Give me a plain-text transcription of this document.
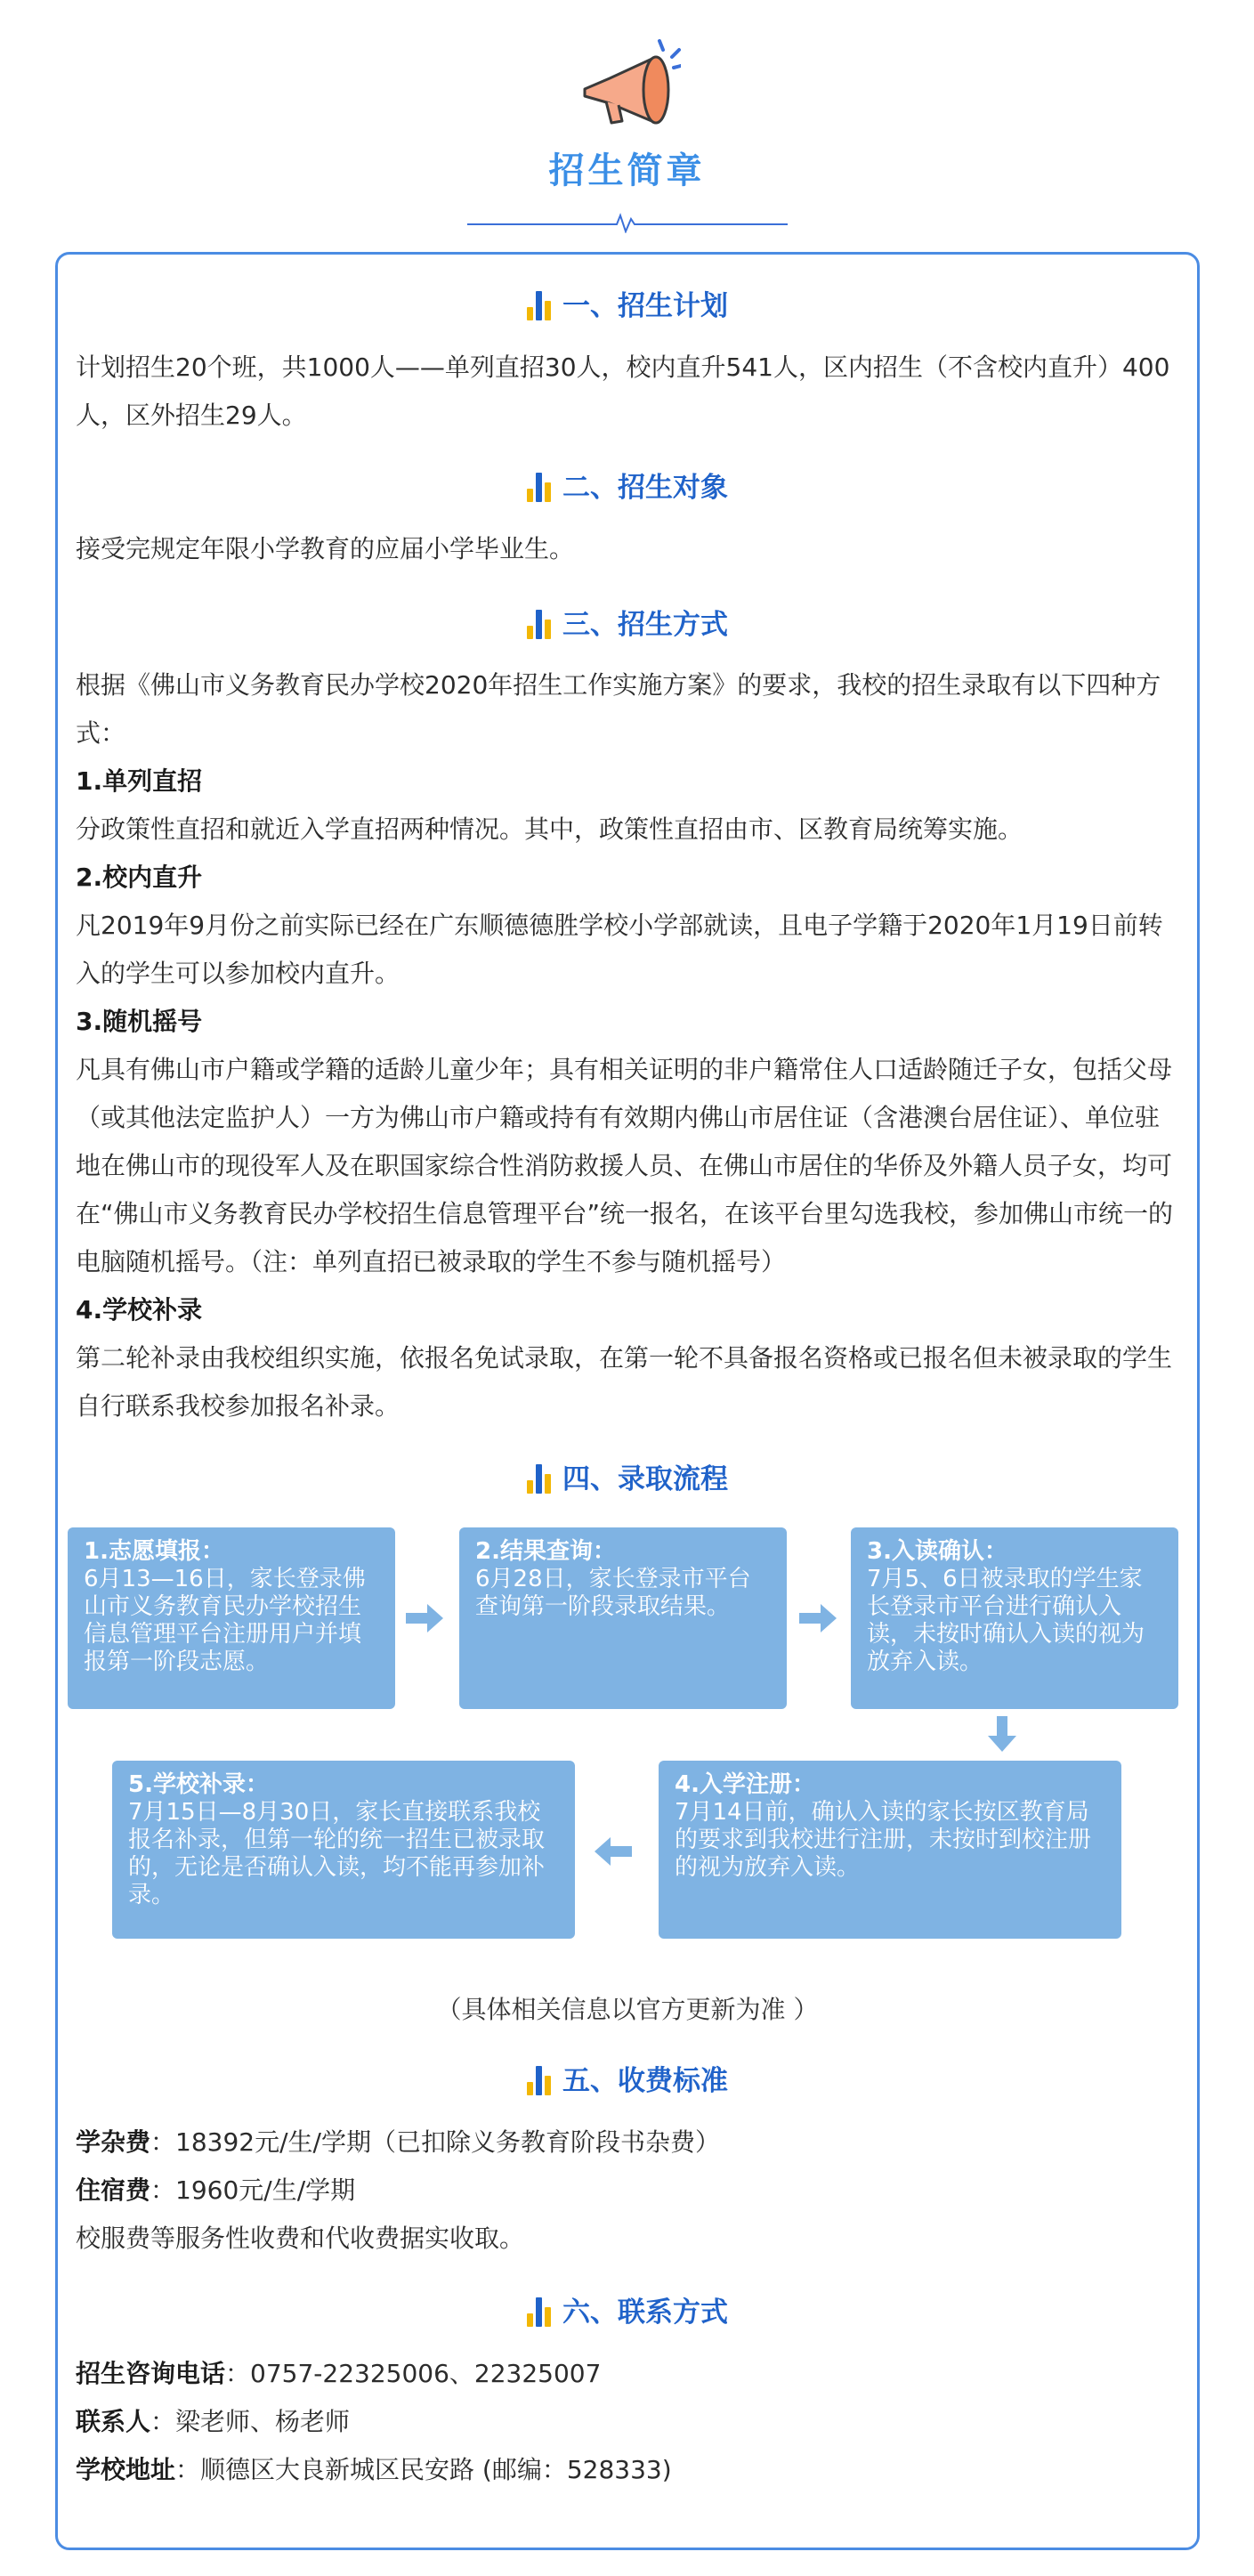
招生简章
一、招生计划
计划招生20个班，共1000人——单列直招30人，校内直升541人，区内招生（不含校内直升）400人，区外招生29人。
二、招生对象
接受完规定年限小学教育的应届小学毕业生。
三、招生方式
根据《佛山市义务教育民办学校2020年招生工作实施方案》的要求，我校的招生录取有以下四种方式：
1.单列直招
分政策性直招和就近入学直招两种情况。其中，政策性直招由市、区教育局统筹实施。
2.校内直升
凡2019年9月份之前实际已经在广东顺德德胜学校小学部就读，且电子学籍于2020年1月19日前转入的学生可以参加校内直升。
3.随机摇号
凡具有佛山市户籍或学籍的适龄儿童少年；具有相关证明的非户籍常住人口适龄随迁子女，包括父母（或其他法定监护人）一方为佛山市户籍或持有有效期内佛山市居住证（含港澳台居住证）、单位驻地在佛山市的现役军人及在职国家综合性消防救援人员、在佛山市居住的华侨及外籍人员子女，均可在“佛山市义务教育民办学校招生信息管理平台”统一报名，在该平台里勾选我校，参加佛山市统一的电脑随机摇号。（注：单列直招已被录取的学生不参与随机摇号）
4.学校补录
第二轮补录由我校组织实施，依报名免试录取，在第一轮不具备报名资格或已报名但未被录取的学生自行联系我校参加报名补录。
四、录取流程
1.志愿填报：
6月13—16日，家长登录佛山市义务教育民办学校招生信息管理平台注册用户并填报第一阶段志愿。
2.结果查询：
6月28日，家长登录市平台查询第一阶段录取结果。
3.入读确认：
7月5、6日被录取的学生家长登录市平台进行确认入读，未按时确认入读的视为放弃入读。
4.入学注册：
7月14日前，确认入读的家长按区教育局的要求到我校进行注册，未按时到校注册的视为放弃入读。
5.学校补录：
7月15日—8月30日，家长直接联系我校报名补录，但第一轮的统一招生已被录取的，无论是否确认入读，均不能再参加补录。
（具体相关信息以官方更新为准 ）
五、收费标准
学杂费：18392元/生/学期（已扣除义务教育阶段书杂费）
住宿费：1960元/生/学期
校服费等服务性收费和代收费据实收取。
六、联系方式
招生咨询电话：0757-22325006、22325007
联系人：梁老师、杨老师
学校地址：顺德区大良新城区民安路 (邮编：528333)
